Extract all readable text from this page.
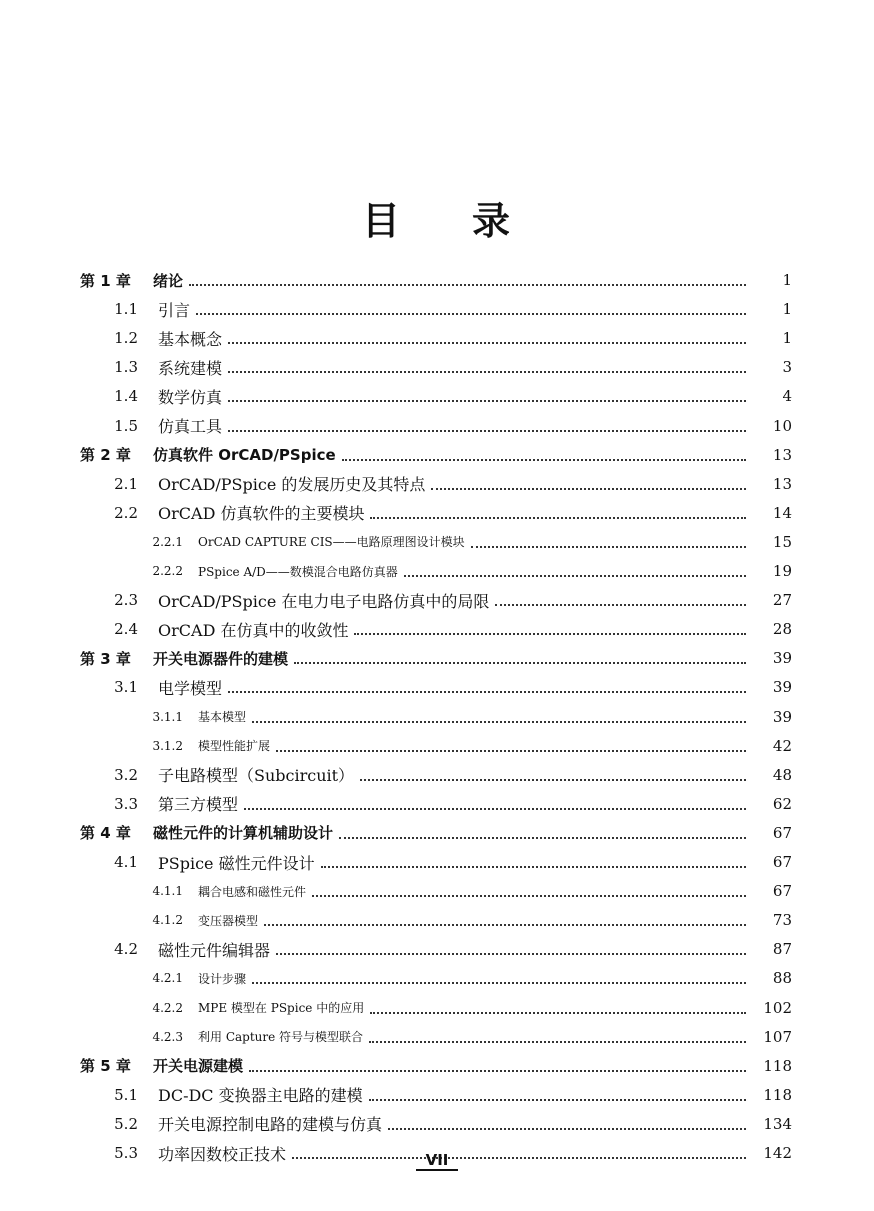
目 录
第 1 章	绪论	1
1.1	引言	1
1.2	基本概念	1
1.3	系统建模	3
1.4	数学仿真	4
1.5	仿真工具	10
第 2 章	仿真软件 OrCAD/PSpice	13
2.1	OrCAD/PSpice 的发展历史及其特点	13
2.2	OrCAD 仿真软件的主要模块	14
2.2.1	OrCAD CAPTURE CIS——电路原理图设计模块	15
2.2.2	PSpice A/D——数模混合电路仿真器	19
2.3	OrCAD/PSpice 在电力电子电路仿真中的局限	27
2.4	OrCAD 在仿真中的收敛性	28
第 3 章	开关电源器件的建模	39
3.1	电学模型	39
3.1.1	基本模型	39
3.1.2	模型性能扩展	42
3.2	子电路模型（Subcircuit）	48
3.3	第三方模型	62
第 4 章	磁性元件的计算机辅助设计	67
4.1	PSpice 磁性元件设计	67
4.1.1	耦合电感和磁性元件	67
4.1.2	变压器模型	73
4.2	磁性元件编辑器	87
4.2.1	设计步骤	88
4.2.2	MPE 模型在 PSpice 中的应用	102
4.2.3	利用 Capture 符号与模型联合	107
第 5 章	开关电源建模	118
5.1	DC-DC 变换器主电路的建模	118
5.2	开关电源控制电路的建模与仿真	134
5.3	功率因数校正技术	142
VII
